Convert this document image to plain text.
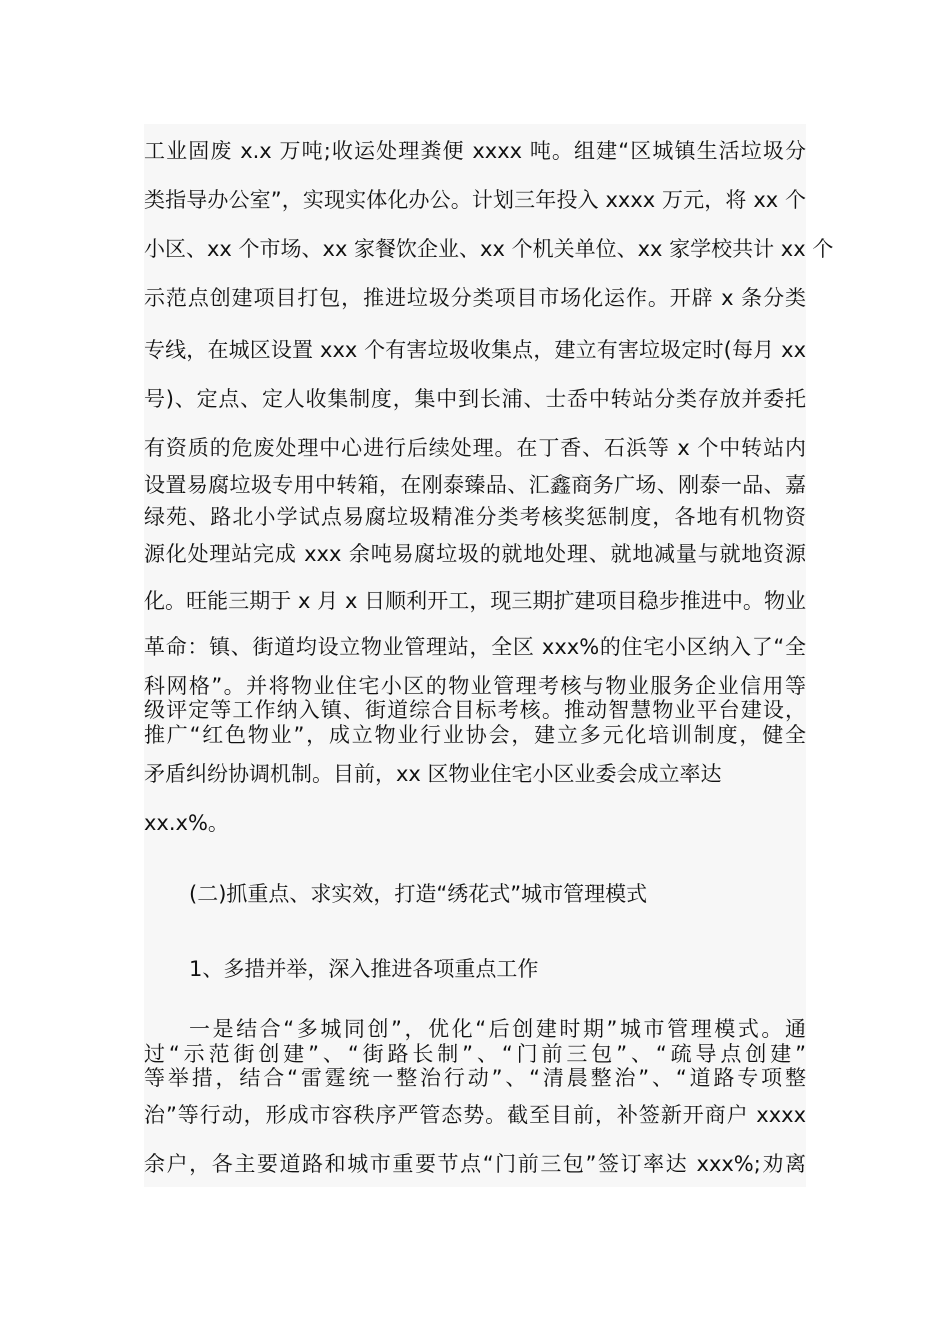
工业固废 x.x 万吨;收运处理粪便 xxxx 吨。组建“区城镇生活垃圾分
类指导办公室”，实现实体化办公。计划三年投入 xxxx 万元，将 xx 个
小区、xx 个市场、xx 家餐饮企业、xx 个机关单位、xx 家学校共计 xx 个
示范点创建项目打包，推进垃圾分类项目市场化运作。开辟 x 条分类
专线，在城区设置 xxx 个有害垃圾收集点，建立有害垃圾定时(每月 xx
号)、定点、定人收集制度，集中到长浦、士岙中转站分类存放并委托
有资质的危废处理中心进行后续处理。在丁香、石浜等 x 个中转站内
设置易腐垃圾专用中转箱，在刚泰臻品、汇鑫商务广场、刚泰一品、嘉
绿苑、路北小学试点易腐垃圾精准分类考核奖惩制度，各地有机物资
源化处理站完成 xxx 余吨易腐垃圾的就地处理、就地减量与就地资源
化。旺能三期于 x 月 x 日顺利开工，现三期扩建项目稳步推进中。物业
革命：镇、街道均设立物业管理站，全区 xxx%的住宅小区纳入了“全
科网格”。并将物业住宅小区的物业管理考核与物业服务企业信用等
级评定等工作纳入镇、街道综合目标考核。推动智慧物业平台建设，
推广“红色物业”，成立物业行业协会，建立多元化培训制度，健全
矛盾纠纷协调机制。目前，xx 区物业住宅小区业委会成立率达
xx.x%。
(二)抓重点、求实效，打造“绣花式”城市管理模式
1、多措并举，深入推进各项重点工作
一是结合“多城同创”，优化“后创建时期”城市管理模式。通
过“示范街创建”、“街路长制”、“门前三包”、“疏导点创建”
等举措，结合“雷霆统一整治行动”、“清晨整治”、“道路专项整
治”等行动，形成市容秩序严管态势。截至目前，补签新开商户 xxxx
余户，各主要道路和城市重要节点“门前三包”签订率达 xxx%;劝离
